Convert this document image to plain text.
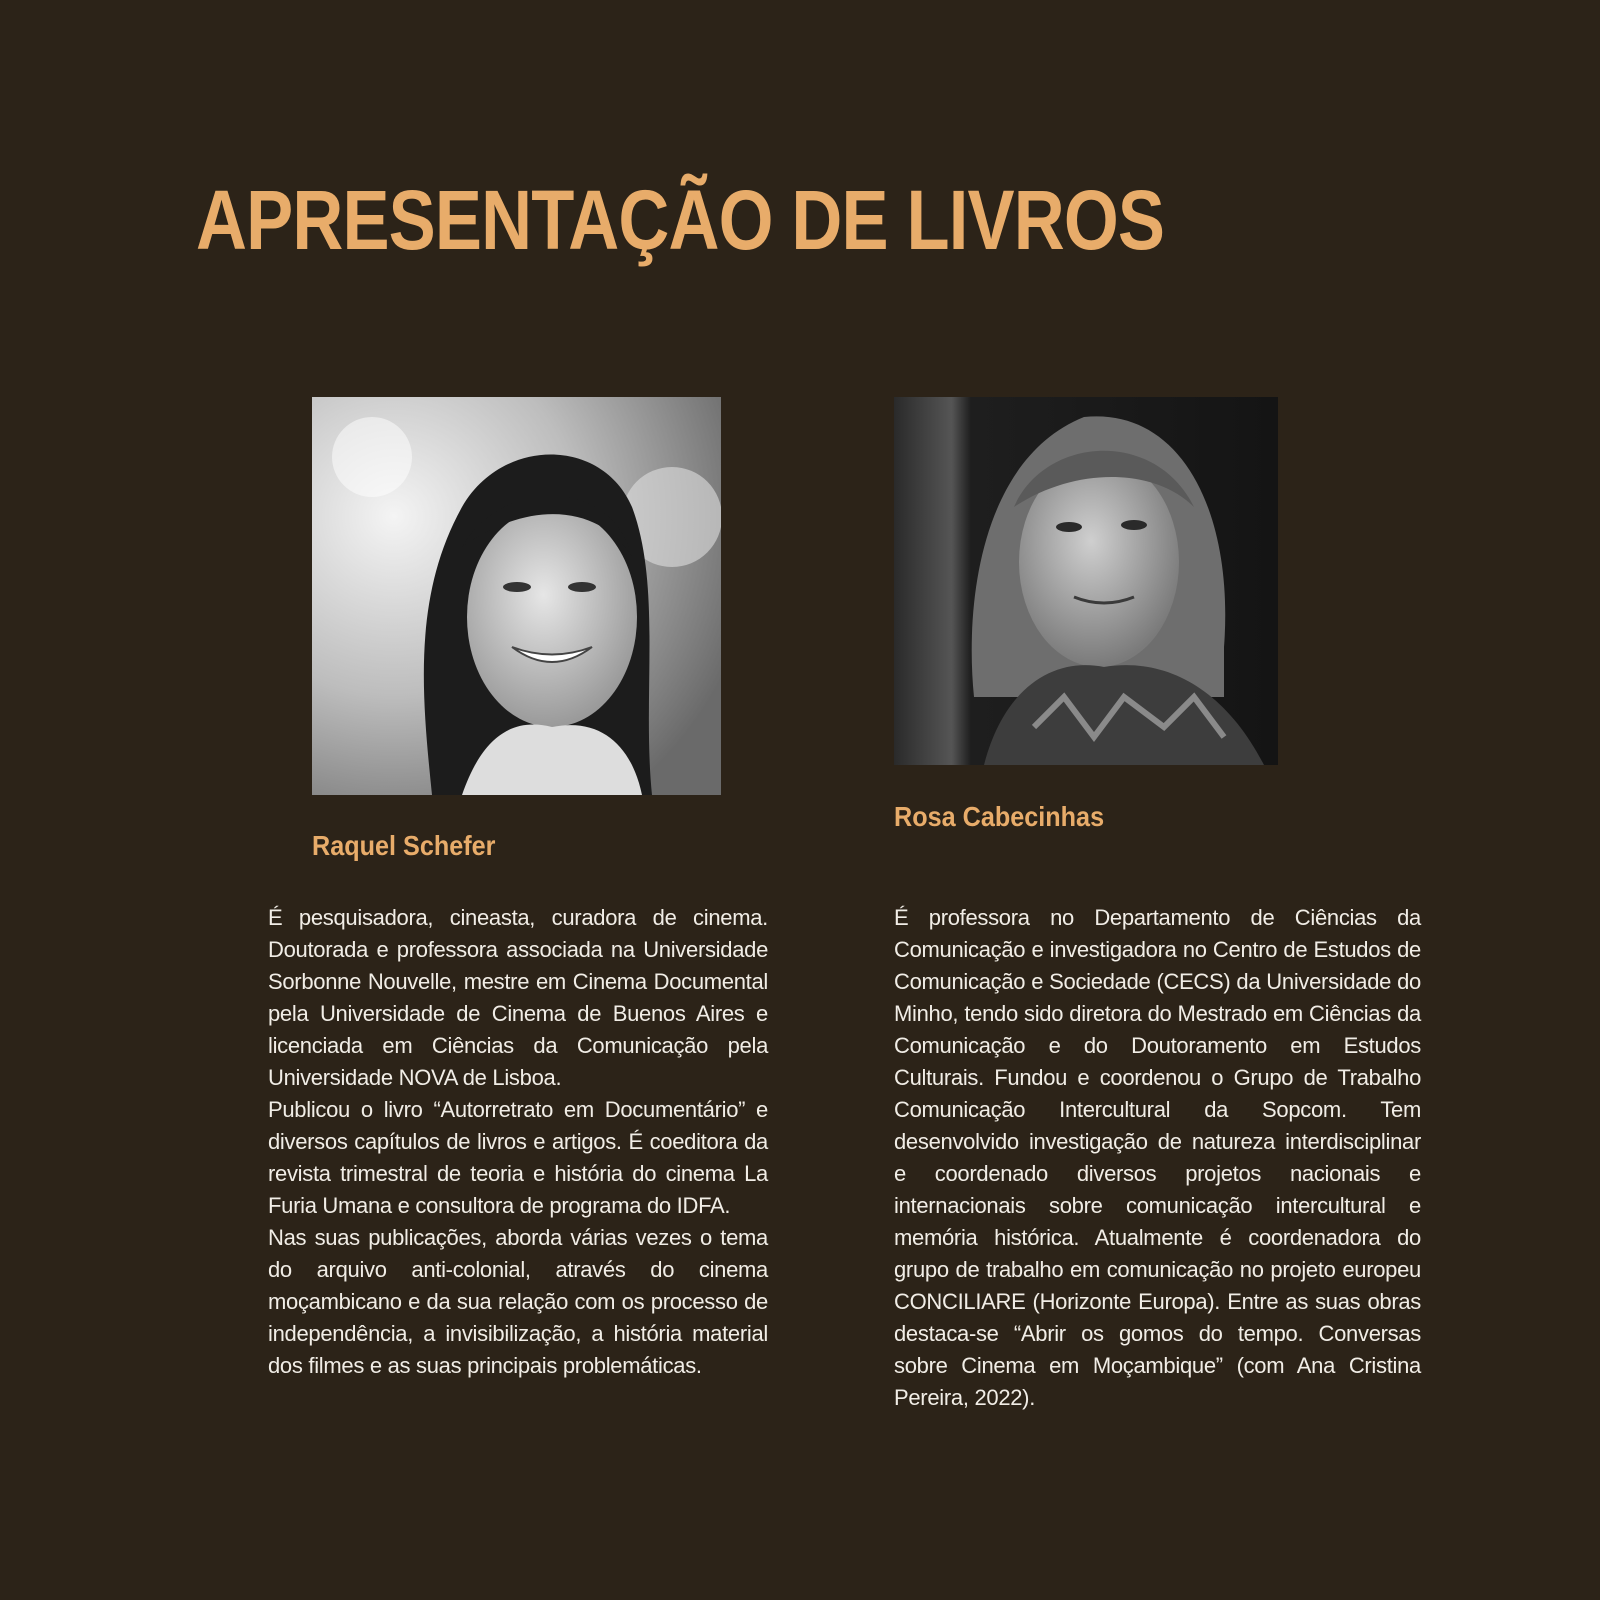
APRESENTAÇÃO DE LIVROS
Raquel Schefer
Rosa Cabecinhas

É pesquisadora, cineasta, curadora de cinema. Doutorada e professora associada na Universidade Sorbonne Nouvelle, mestre em Cinema Documental pela Universidade de Cinema de Buenos Aires e licenciada em Ciências da Comunicação pela Universidade NOVA de Lisboa.

Publicou o livro “Autorretrato em Documentário” e diversos capítulos de livros e artigos. É coeditora da revista trimestral de teoria e história do cinema La Furia Umana e consultora de programa do IDFA.

Nas suas publicações, aborda várias vezes o tema do arquivo anti-colonial, através do cinema moçambicano e da sua relação com os processo de independência, a invisibilização, a história material dos filmes e as suas principais problemáticas.

É professora no Departamento de Ciências da Comunicação e investigadora no Centro de Estudos de Comunicação e Sociedade (CECS) da Universidade do Minho, tendo sido diretora do Mestrado em Ciências da Comunicação e do Doutoramento em Estudos Culturais. Fundou e coordenou o Grupo de Trabalho Comunicação Intercultural da Sopcom. Tem desenvolvido investigação de natureza interdisciplinar e coordenado diversos projetos nacionais e internacionais sobre comunicação intercultural e memória histórica. Atualmente é coordenadora do grupo de trabalho em comunicação no projeto europeu CONCILIARE (Horizonte Europa). Entre as suas obras destaca-se “Abrir os gomos do tempo. Conversas sobre Cinema em Moçambique” (com Ana Cristina Pereira, 2022).
